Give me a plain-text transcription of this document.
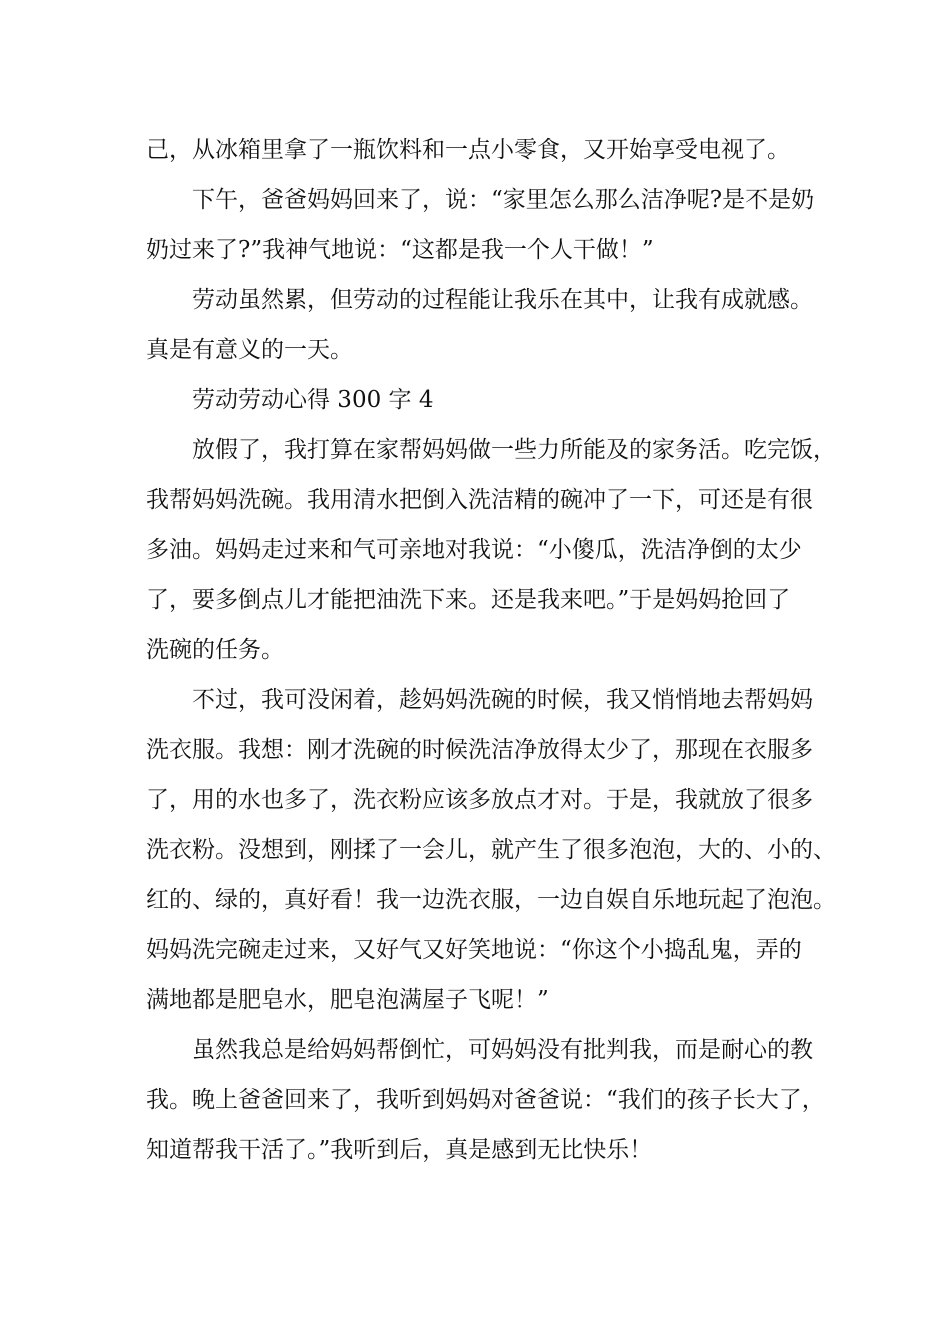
己，从冰箱里拿了一瓶饮料和一点小零食，又开始享受电视了。

下午，爸爸妈妈回来了，说：“家里怎么那么洁净呢?是不是奶

奶过来了?”我神气地说：“这都是我一个人干做！”

劳动虽然累，但劳动的过程能让我乐在其中，让我有成就感。

真是有意义的一天。

劳动劳动心得 300 字 4

放假了，我打算在家帮妈妈做一些力所能及的家务活。吃完饭，

我帮妈妈洗碗。我用清水把倒入洗洁精的碗冲了一下，可还是有很

多油。妈妈走过来和气可亲地对我说：“小傻瓜，洗洁净倒的太少

了，要多倒点儿才能把油洗下来。还是我来吧。”于是妈妈抢回了

洗碗的任务。

不过，我可没闲着，趁妈妈洗碗的时候，我又悄悄地去帮妈妈

洗衣服。我想：刚才洗碗的时候洗洁净放得太少了，那现在衣服多

了，用的水也多了，洗衣粉应该多放点才对。于是，我就放了很多

洗衣粉。没想到，刚揉了一会儿，就产生了很多泡泡，大的、小的、

红的、绿的，真好看！我一边洗衣服，一边自娱自乐地玩起了泡泡。

妈妈洗完碗走过来，又好气又好笑地说：“你这个小捣乱鬼，弄的

满地都是肥皂水，肥皂泡满屋子飞呢！”

虽然我总是给妈妈帮倒忙，可妈妈没有批判我，而是耐心的教

我。晚上爸爸回来了，我听到妈妈对爸爸说：“我们的孩子长大了，

知道帮我干活了。”我听到后，真是感到无比快乐！
